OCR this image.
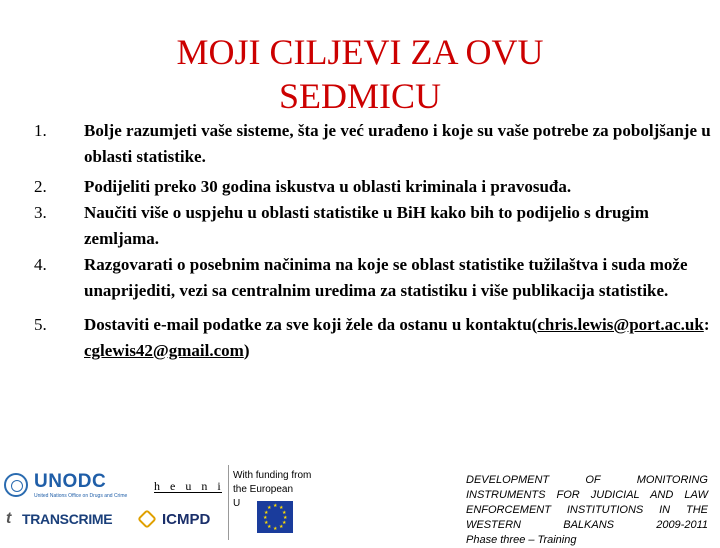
MOJI CILJEVI ZA OVU
SEDMICU
1. Bolje razumjeti vaše sisteme, šta je već urađeno i koje su vaše potrebe za poboljšanje u oblasti statistike.
2. Podijeliti preko 30 godina iskustva u oblasti kriminala i pravosuđa.
3. Naučiti više o uspjehu u oblasti statistike u BiH kako bih to podijelio s drugim zemljama.
4. Razgovarati o posebnim načinima na koje se oblast statistike tužilaštva i suda može unaprijediti, vezi sa centralnim uredima za statistiku i više publikacija statistike.
5. Dostaviti e-mail podatke za sve koji žele da ostanu u kontaktu(chris.lewis@port.ac.uk: cglewis42@gmail.com)
UNODC
United Nations Office on Drugs and Crime
t TRANSCRIME
heuni
ICMPD
With funding from
the European
U	★ ★
★
★
★
★
★
★
★
★
★
★
DEVELOPMENT OF MONITORING
INSTRUMENTS FOR JUDICIAL AND LAW
ENFORCEMENT INSTITUTIONS IN THE
WESTERN BALKANS 2009-2011
Phase three – Training
